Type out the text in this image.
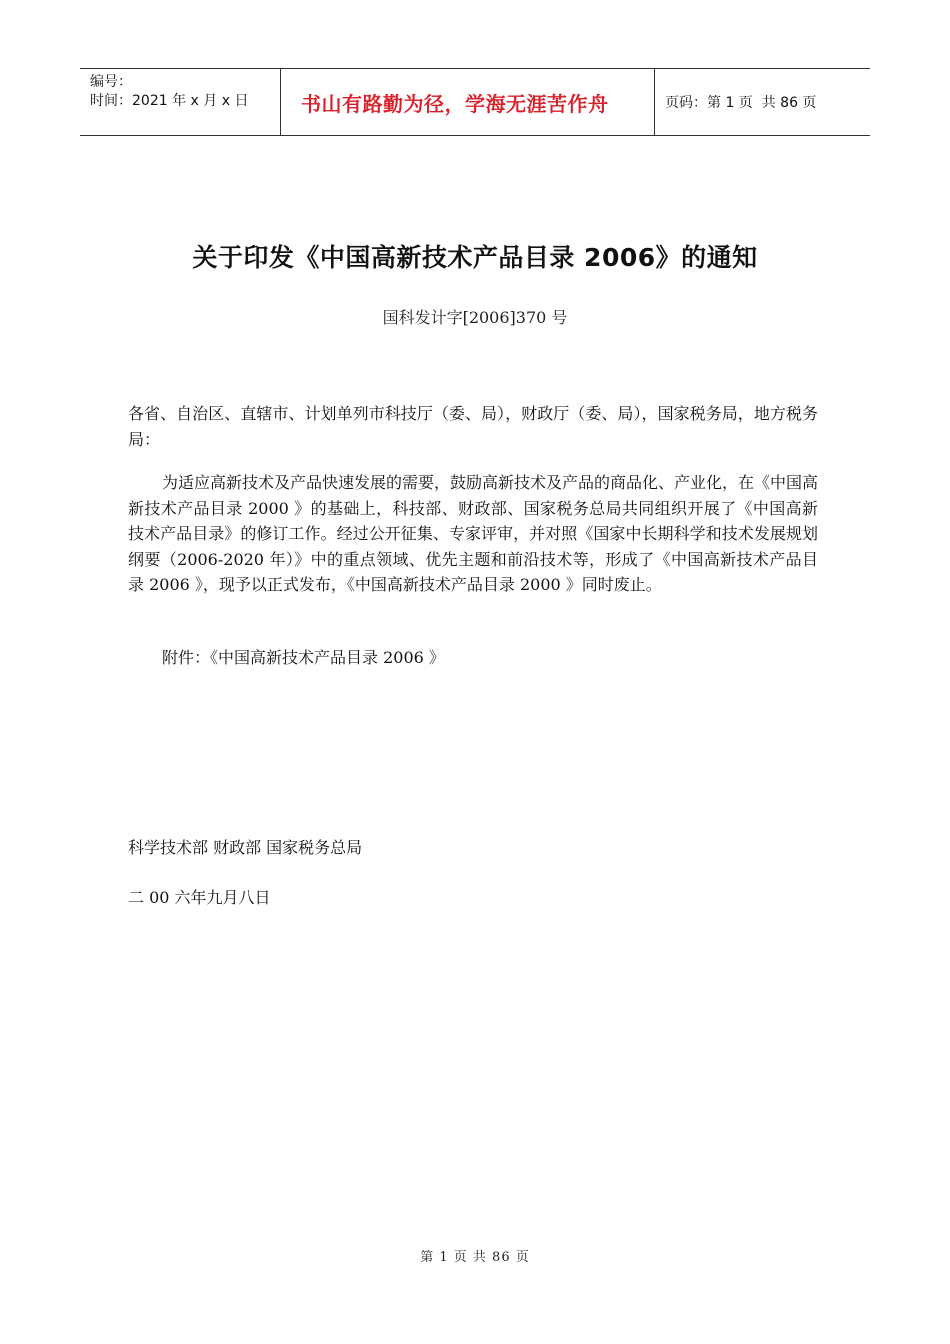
编号：
时间：2021 年 x 月 x 日	书山有路勤为径，学海无涯苦作舟	页码：第 1 页  共 86 页
关于印发《中国高新技术产品目录 2006》的通知
国科发计字[2006]370 号
各省、自治区、直辖市、计划单列市科技厅（委、局），财政厅（委、局），国家税务局，地方税务局：
为适应高新技术及产品快速发展的需要，鼓励高新技术及产品的商品化、产业化，在《中国高新技术产品目录 2000 》的基础上，科技部、财政部、国家税务总局共同组织开展了《中国高新技术产品目录》的修订工作。经过公开征集、专家评审，并对照《国家中长期科学和技术发展规划纲要（2006-2020 年）》中的重点领域、优先主题和前沿技术等，形成了《中国高新技术产品目录 2006 》，现予以正式发布，《中国高新技术产品目录 2000 》同时废止。
附件：《中国高新技术产品目录 2006 》
科学技术部 财政部 国家税务总局
二 00 六年九月八日
第 1 页 共 86 页
